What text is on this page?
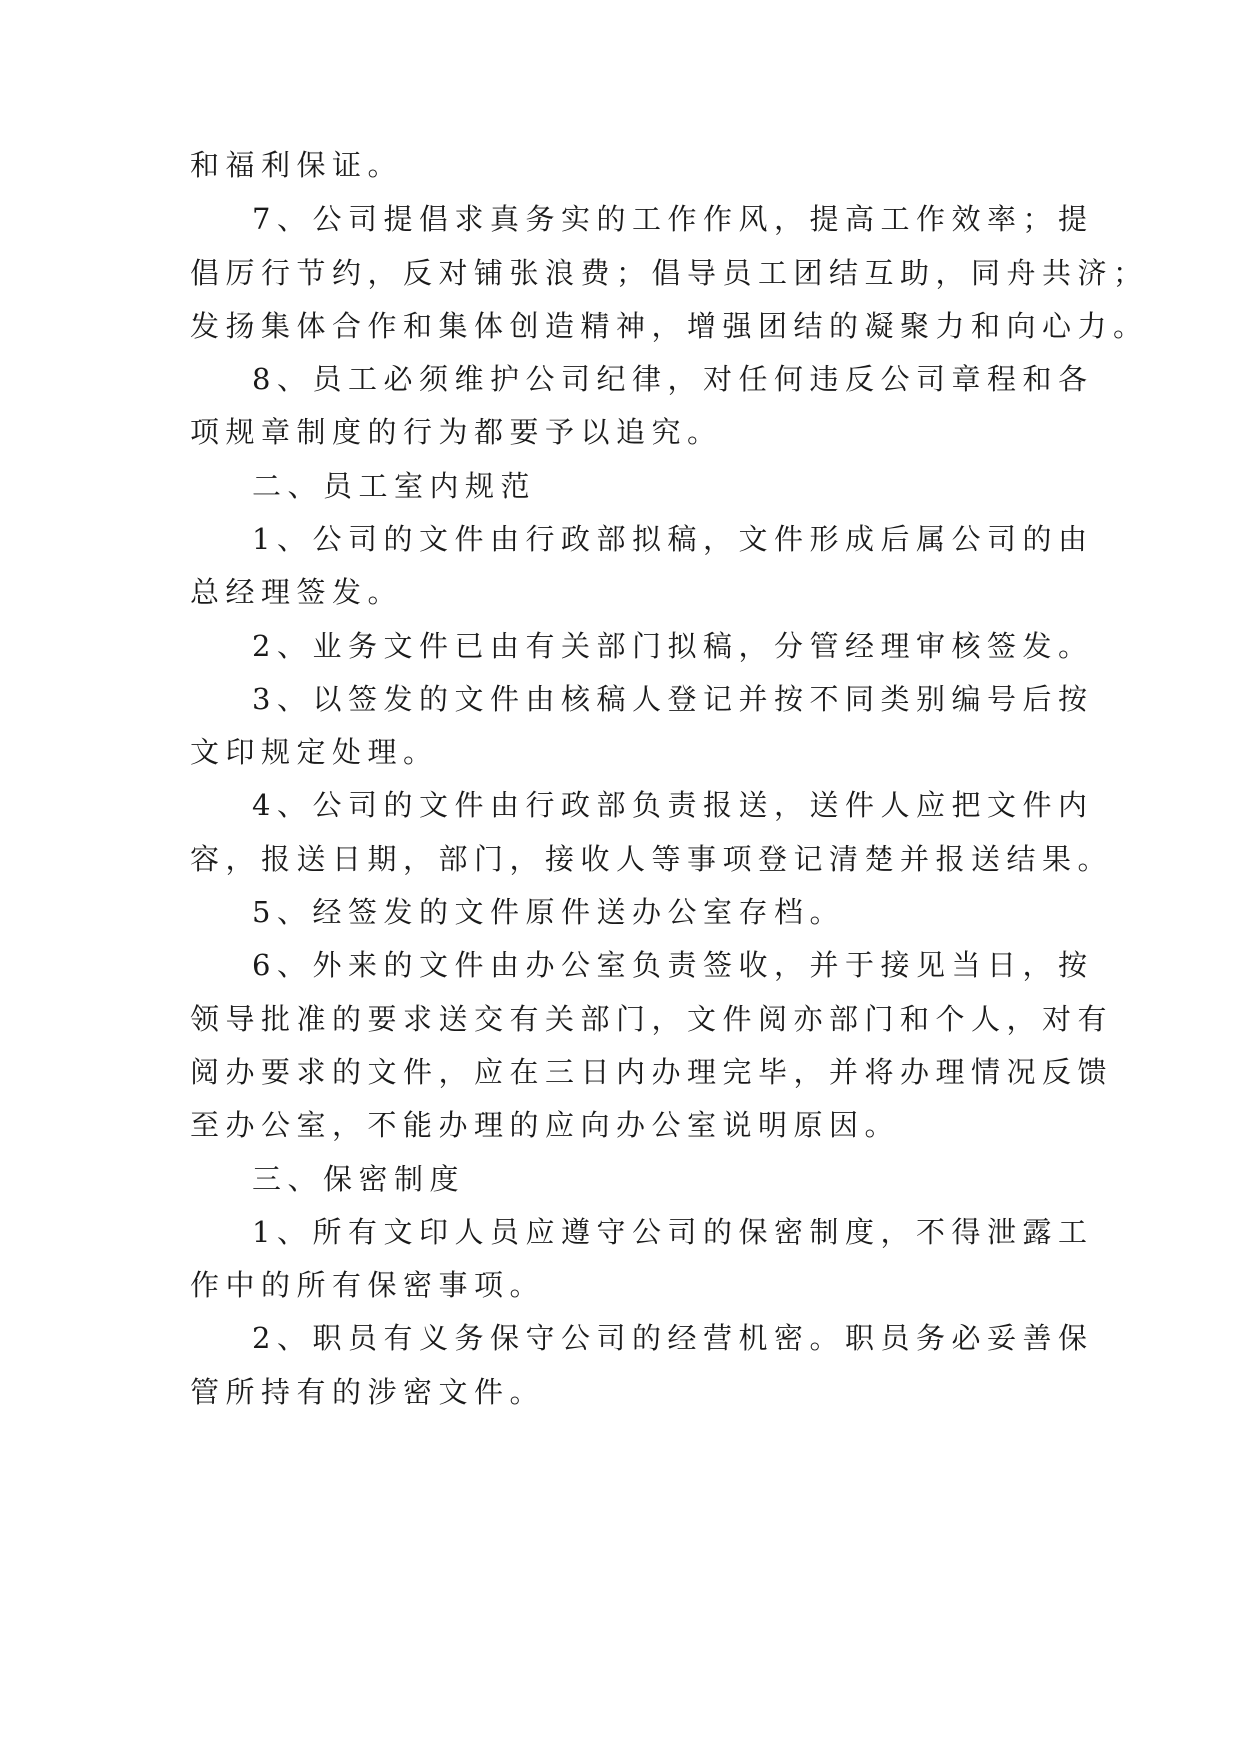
和福利保证。
7、公司提倡求真务实的工作作风，提高工作效率；提
倡厉行节约，反对铺张浪费；倡导员工团结互助，同舟共济；
发扬集体合作和集体创造精神，增强团结的凝聚力和向心力。
8、员工必须维护公司纪律，对任何违反公司章程和各
项规章制度的行为都要予以追究。
二、员工室内规范
1、公司的文件由行政部拟稿，文件形成后属公司的由
总经理签发。
2、业务文件已由有关部门拟稿，分管经理审核签发。
3、以签发的文件由核稿人登记并按不同类别编号后按
文印规定处理。
4、公司的文件由行政部负责报送，送件人应把文件内
容，报送日期，部门，接收人等事项登记清楚并报送结果。
5、经签发的文件原件送办公室存档。
6、外来的文件由办公室负责签收，并于接见当日，按
领导批准的要求送交有关部门，文件阅亦部门和个人，对有
阅办要求的文件，应在三日内办理完毕，并将办理情况反馈
至办公室，不能办理的应向办公室说明原因。
三、保密制度
1、所有文印人员应遵守公司的保密制度，不得泄露工
作中的所有保密事项。
2、职员有义务保守公司的经营机密。职员务必妥善保
管所持有的涉密文件。
